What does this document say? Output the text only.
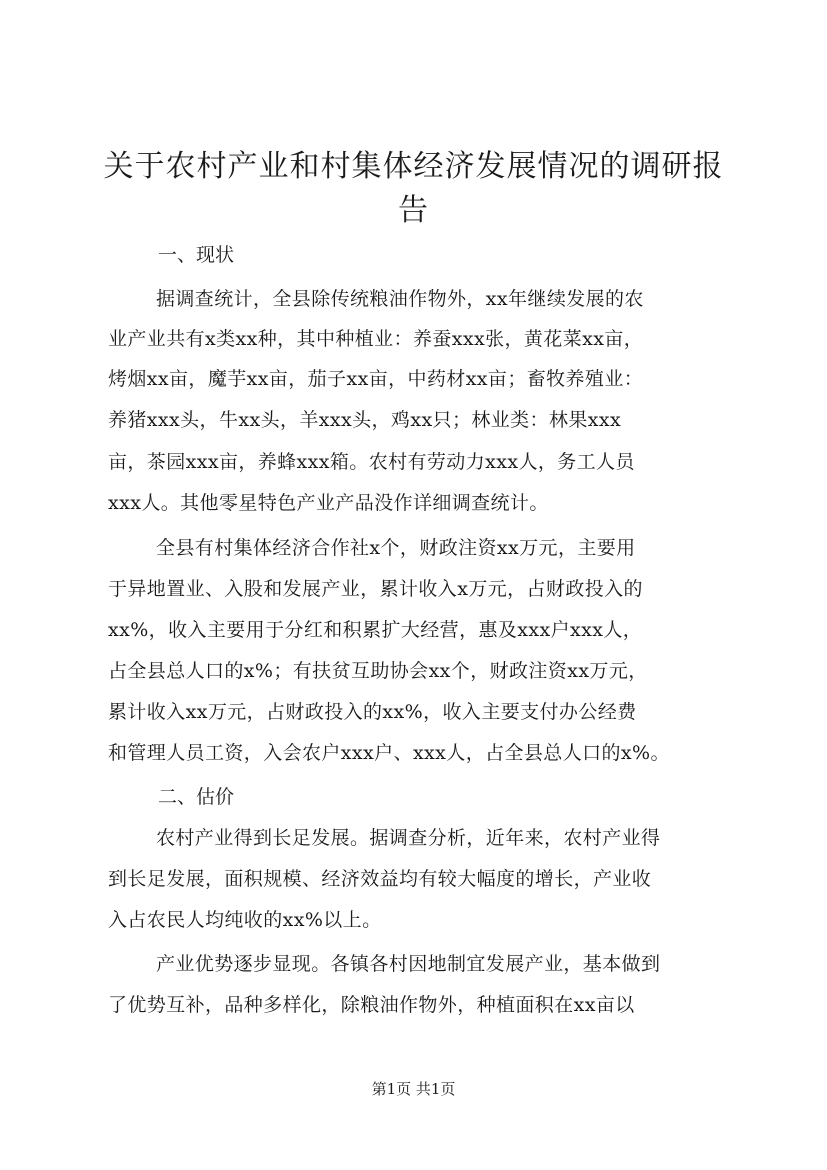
关于农村产业和村集体经济发展情况的调研报告
一、现状
据调查统计，全县除传统粮油作物外，xx年继续发展的农
业产业共有x类xx种，其中种植业：养蚕xxx张，黄花菜xx亩，
烤烟xx亩，魔芋xx亩，茄子xx亩，中药材xx亩；畜牧养殖业：
养猪xxx头，牛xx头，羊xxx头，鸡xx只；林业类：林果xxx
亩，茶园xxx亩，养蜂xxx箱。农村有劳动力xxx人，务工人员
xxx人。其他零星特色产业产品没作详细调查统计。
全县有村集体经济合作社x个，财政注资xx万元，主要用
于异地置业、入股和发展产业，累计收入x万元，占财政投入的
xx%，收入主要用于分红和积累扩大经营，惠及xxx户xxx人，
占全县总人口的x%；有扶贫互助协会xx个，财政注资xx万元，
累计收入xx万元，占财政投入的xx%，收入主要支付办公经费
和管理人员工资，入会农户xxx户、xxx人，占全县总人口的x%。
二、估价
农村产业得到长足发展。据调查分析，近年来，农村产业得
到长足发展，面积规模、经济效益均有较大幅度的增长，产业收
入占农民人均纯收的xx%以上。
产业优势逐步显现。各镇各村因地制宜发展产业，基本做到
了优势互补，品种多样化，除粮油作物外，种植面积在xx亩以
第1页 共1页
